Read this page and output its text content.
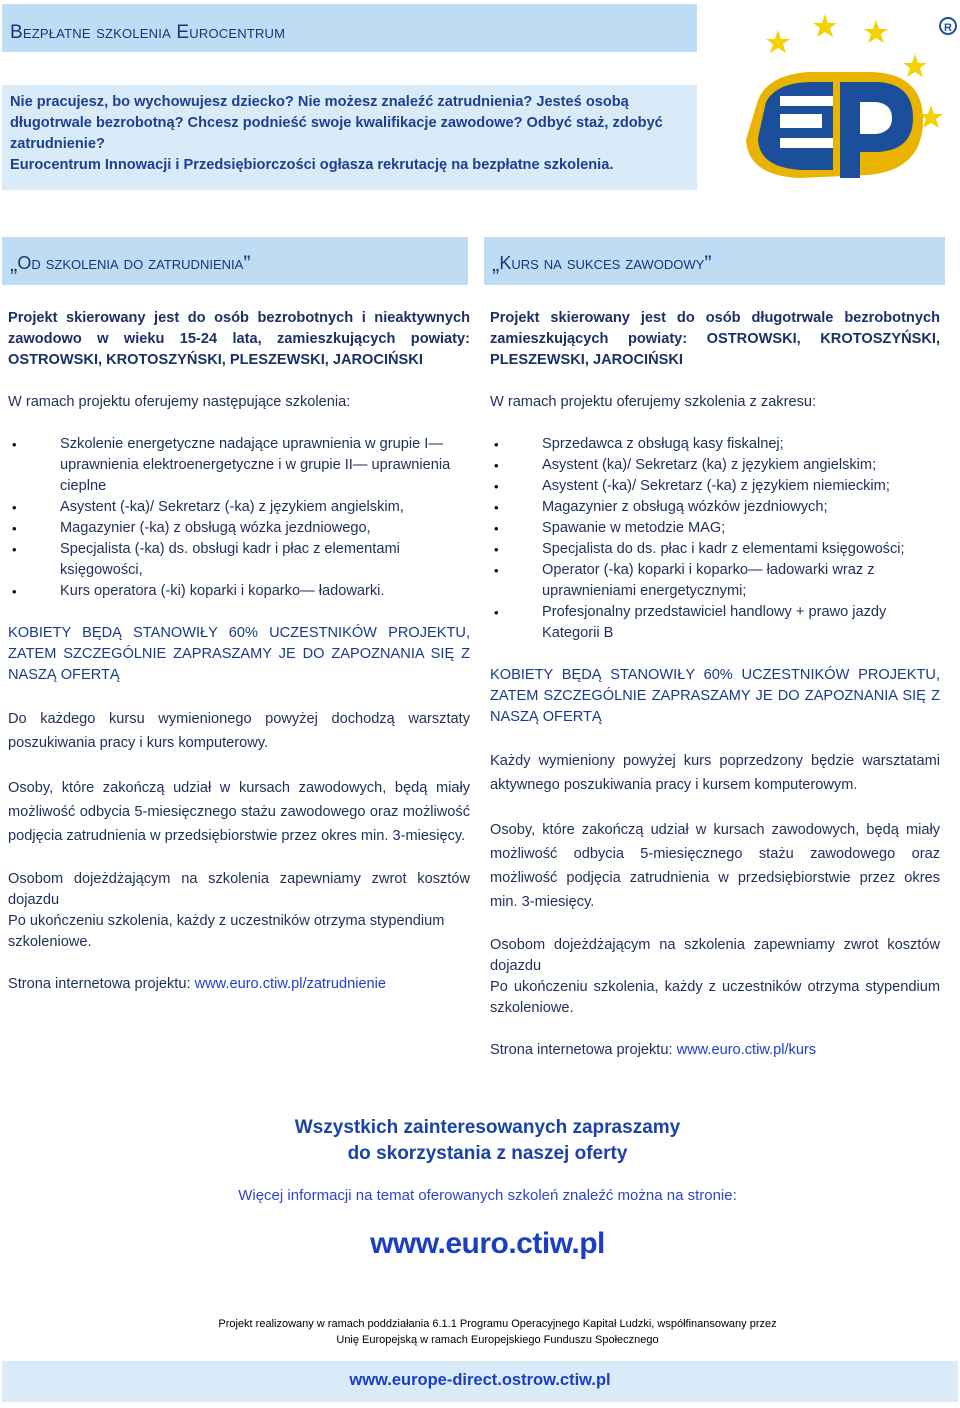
Bezpłatne szkolenia Eurocentrum

Nie pracujesz, bo wychowujesz dziecko? Nie możesz znaleźć zatrudnienia? Jesteś osobą długotrwale bezrobotną? Chcesz podnieść swoje kwalifikacje zawodowe? Odbyć staż, zdobyć zatrudnienie?

Eurocentrum Innowacji i Przedsiębiorczości ogłasza rekrutację na bezpłatne szkolenia.

R
„Od szkolenia do zatrudnienia”	„Kurs na sukces zawodowy”

Projekt skierowany jest do osób bezrobotnych i nieaktywnych zawodowo w wieku 15-24 lata, zamieszkujących powiaty: OSTROWSKI, KROTOSZYŃSKI, PLESZEWSKI, JAROCIŃSKI

W ramach projektu oferujemy następujące szkolenia:

• Szkolenie energetyczne nadające uprawnienia w grupie I— uprawnienia elektroenergetyczne i w grupie II— uprawnienia cieplne
• Asystent (-ka)/ Sekretarz (-ka) z językiem angielskim,
• Magazynier (-ka) z obsługą wózka jezdniowego,
• Specjalista (-ka) ds. obsługi kadr i płac z elementami księgowości,
• Kurs operatora (-ki) koparki i koparko— ładowarki.

KOBIETY BĘDĄ STANOWIŁY 60% UCZESTNIKÓW PROJEKTU, ZATEM SZCZEGÓLNIE ZAPRASZAMY JE DO ZAPOZNANIA SIĘ Z NASZĄ OFERTĄ

Do każdego kursu wymienionego powyżej dochodzą warsztaty poszukiwania pracy i kurs komputerowy.

Osoby, które zakończą udział w kursach zawodowych, będą miały możliwość odbycia 5-miesięcznego stażu zawodowego oraz możliwość podjęcia zatrudnienia w przedsiębiorstwie przez okres min. 3-miesięcy.

Osobom dojeżdżającym na szkolenia zapewniamy zwrot kosztów dojazdu

Po ukończeniu szkolenia, każdy z uczestników otrzyma stypendium szkoleniowe.

Strona internetowa projektu: www.euro.ctiw.pl/zatrudnienie

Projekt skierowany jest do osób długotrwale bezrobotnych zamieszkujących powiaty: OSTROWSKI, KROTOSZYŃSKI, PLESZEWSKI, JAROCIŃSKI

W ramach projektu oferujemy szkolenia z zakresu:

• Sprzedawca z obsługą kasy fiskalnej;
• Asystent (ka)/ Sekretarz (ka) z językiem angielskim;
• Asystent (-ka)/ Sekretarz (-ka) z językiem niemieckim;
• Magazynier z obsługą wózków jezdniowych;
• Spawanie w metodzie MAG;
• Specjalista do ds. płac i kadr z elementami księgowości;
• Operator (-ka) koparki i koparko— ładowarki wraz z uprawnieniami energetycznymi;
• Profesjonalny przedstawiciel handlowy + prawo jazdy Kategorii B

KOBIETY BĘDĄ STANOWIŁY 60% UCZESTNIKÓW PROJEKTU, ZATEM SZCZEGÓLNIE ZAPRASZAMY JE DO ZAPOZNANIA SIĘ Z NASZĄ OFERTĄ

Każdy wymieniony powyżej kurs poprzedzony będzie warsztatami aktywnego poszukiwania pracy i kursem komputerowym.

Osoby, które zakończą udział w kursach zawodowych, będą miały możliwość odbycia 5-miesięcznego stażu zawodowego oraz możliwość podjęcia zatrudnienia w przedsiębiorstwie przez okres min. 3-miesięcy.

Osobom dojeżdżającym na szkolenia zapewniamy zwrot kosztów dojazdu

Po ukończeniu szkolenia, każdy z uczestników otrzyma stypendium szkoleniowe.

Strona internetowa projektu: www.euro.ctiw.pl/kurs

Wszystkich zainteresowanych zapraszamy
do skorzystania z naszej oferty
Więcej informacji na temat oferowanych szkoleń znaleźć można na stronie:
www.euro.ctiw.pl
Projekt realizowany w ramach poddziałania 6.1.1 Programu Operacyjnego Kapitał Ludzki, współfinansowany przez
Unię Europejską w ramach Europejskiego Funduszu Społecznego
www.europe-direct.ostrow.ctiw.pl
